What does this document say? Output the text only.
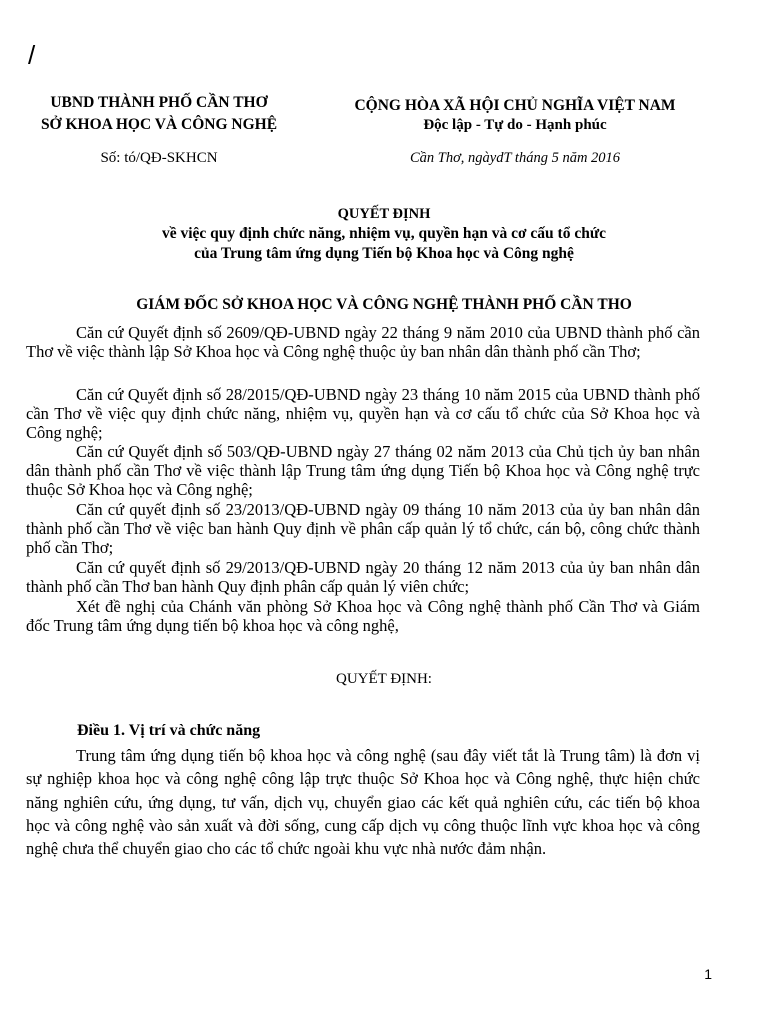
/
UBND THÀNH PHỐ CẦN THƠ
SỞ KHOA HỌC VÀ CÔNG NGHỆ
Số: tó/QĐ-SKHCN
CỘNG HÒA XÃ HỘI CHỦ NGHĨA VIỆT NAM
Độc lập - Tự do - Hạnh phúc
Cần Thơ, ngàydT tháng 5 năm 2016
QUYẾT ĐỊNH
về việc quy định chức năng, nhiệm vụ, quyền hạn và cơ cấu tổ chức
của Trung tâm ứng dụng Tiến bộ Khoa học và Công nghệ
GIÁM ĐỐC SỞ KHOA HỌC VÀ CÔNG NGHỆ THÀNH PHỐ CẦN THO

Căn cứ Quyết định số 2609/QĐ-UBND ngày 22 tháng 9 năm 2010 của UBND thành phố cần Thơ về việc thành lập Sở Khoa học và Công nghệ thuộc ủy ban nhân dân thành phố cần Thơ;

Căn cứ Quyết định số 28/2015/QĐ-UBND ngày 23 tháng 10 năm 2015 của UBND thành phố cần Thơ về việc quy định chức năng, nhiệm vụ, quyền hạn và cơ cấu tổ chức của Sở Khoa học và Công nghệ;

Căn cứ Quyết định số 503/QĐ-UBND ngày 27 tháng 02 năm 2013 của Chủ tịch ủy ban nhân dân thành phố cần Thơ về việc thành lập Trung tâm ứng dụng Tiến bộ Khoa học và Công nghệ trực thuộc Sở Khoa học và Công nghệ;

Căn cứ quyết định số 23/2013/QĐ-UBND ngày 09 tháng 10 năm 2013 của ủy ban nhân dân thành phố cần Thơ về việc ban hành Quy định về phân cấp quản lý tổ chức, cán bộ, công chức thành phố cần Thơ;

Căn cứ quyết định số 29/2013/QĐ-UBND ngày 20 tháng 12 năm 2013 của ủy ban nhân dân thành phố cần Thơ ban hành Quy định phân cấp quản lý viên chức;

Xét đề nghị của Chánh văn phòng Sở Khoa học và Công nghệ thành phố Cần Thơ và Giám đốc Trung tâm ứng dụng tiến bộ khoa học và công nghệ,

QUYẾT ĐỊNH:
Điều 1. Vị trí và chức năng

Trung tâm ứng dụng tiến bộ khoa học và công nghệ (sau đây viết tắt là Trung tâm) là đơn vị sự nghiệp khoa học và công nghệ công lập trực thuộc Sở Khoa học và Công nghệ, thực hiện chức năng nghiên cứu, ứng dụng, tư vấn, dịch vụ, chuyển giao các kết quả nghiên cứu, các tiến bộ khoa học và công nghệ vào sản xuất và đời sống, cung cấp dịch vụ công thuộc lĩnh vực khoa học và công nghệ chưa thể chuyển giao cho các tổ chức ngoài khu vực nhà nước đảm nhận.

1
